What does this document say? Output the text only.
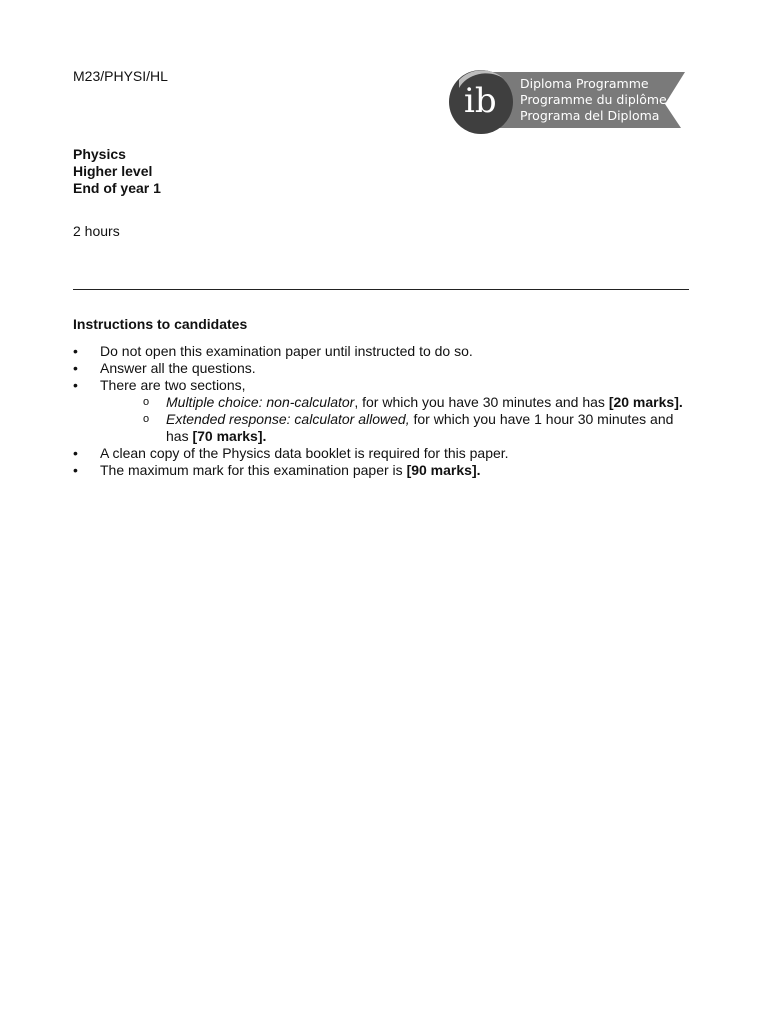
M23/PHYSI/HL
ib Diploma Programme
Programme du diplôme
Programa del Diploma
Physics
Higher level
End of year 1
2 hours
Instructions to candidates
•	Do not open this examination paper until instructed to do so.
•	Answer all the questions.
•	There are two sections,
o Multiple choice: non-calculator, for which you have 30 minutes and has [20 marks].
o Extended response: calculator allowed, for which you have 1 hour 30 minutes and
has [70 marks].
•	A clean copy of the Physics data booklet is required for this paper.
•	The maximum mark for this examination paper is [90 marks].
